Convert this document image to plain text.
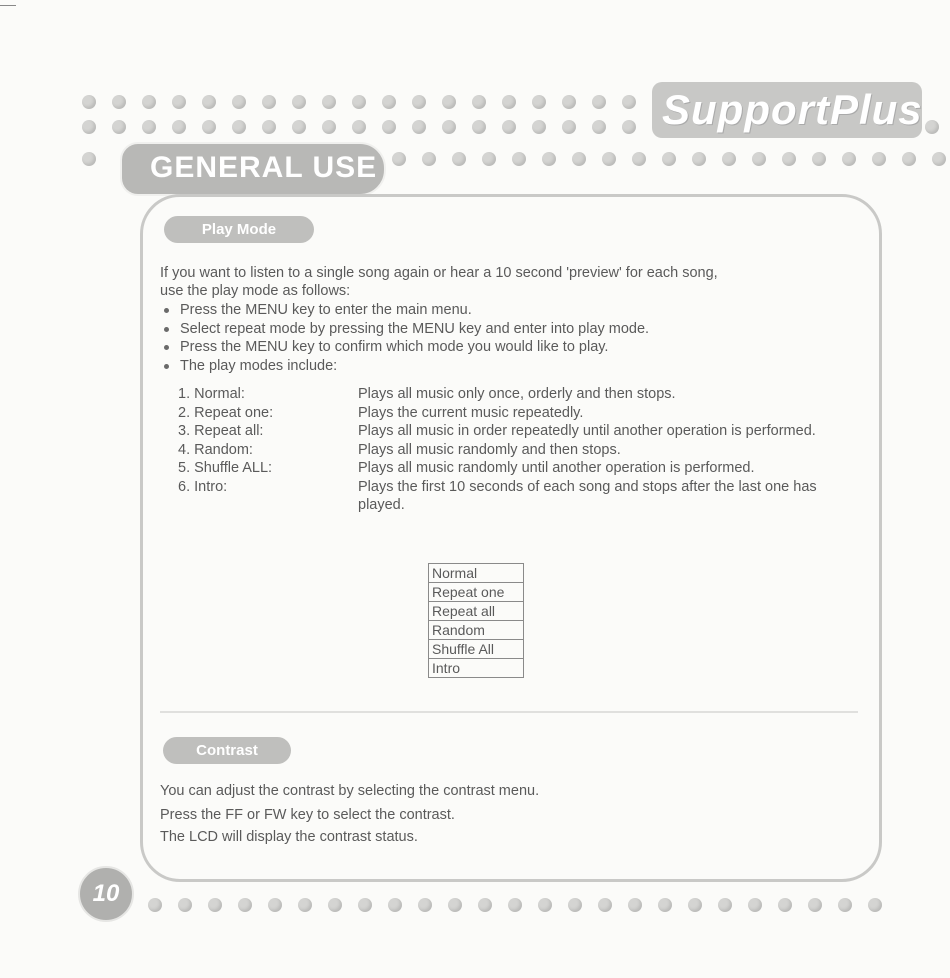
SupportPlus
GENERAL USE
Play Mode
If you want to listen to a single song again or hear a 10 second 'preview' for each song,
use the play mode as follows:
Press the MENU key to enter the main menu.
Select repeat mode by pressing the MENU key and enter into play mode.
Press the MENU key to confirm which mode you would like to play.
The play modes include:
1. Normal:	Plays all music only once, orderly and then stops.
2. Repeat one:	Plays the current music repeatedly.
3. Repeat all:	Plays all music in order repeatedly until another operation is performed.
4. Random:	Plays all music randomly and then stops.
5. Shuffle ALL:	Plays all music randomly until another operation is performed.
6. Intro:	Plays the first 10 seconds of each song and stops after the last one has played.
Normal
Repeat one
Repeat all
Random
Shuffle All
Intro
Contrast
You can adjust the contrast by selecting the contrast menu.
Press the FF or FW key to select the contrast.
The LCD will display the contrast status.
10
